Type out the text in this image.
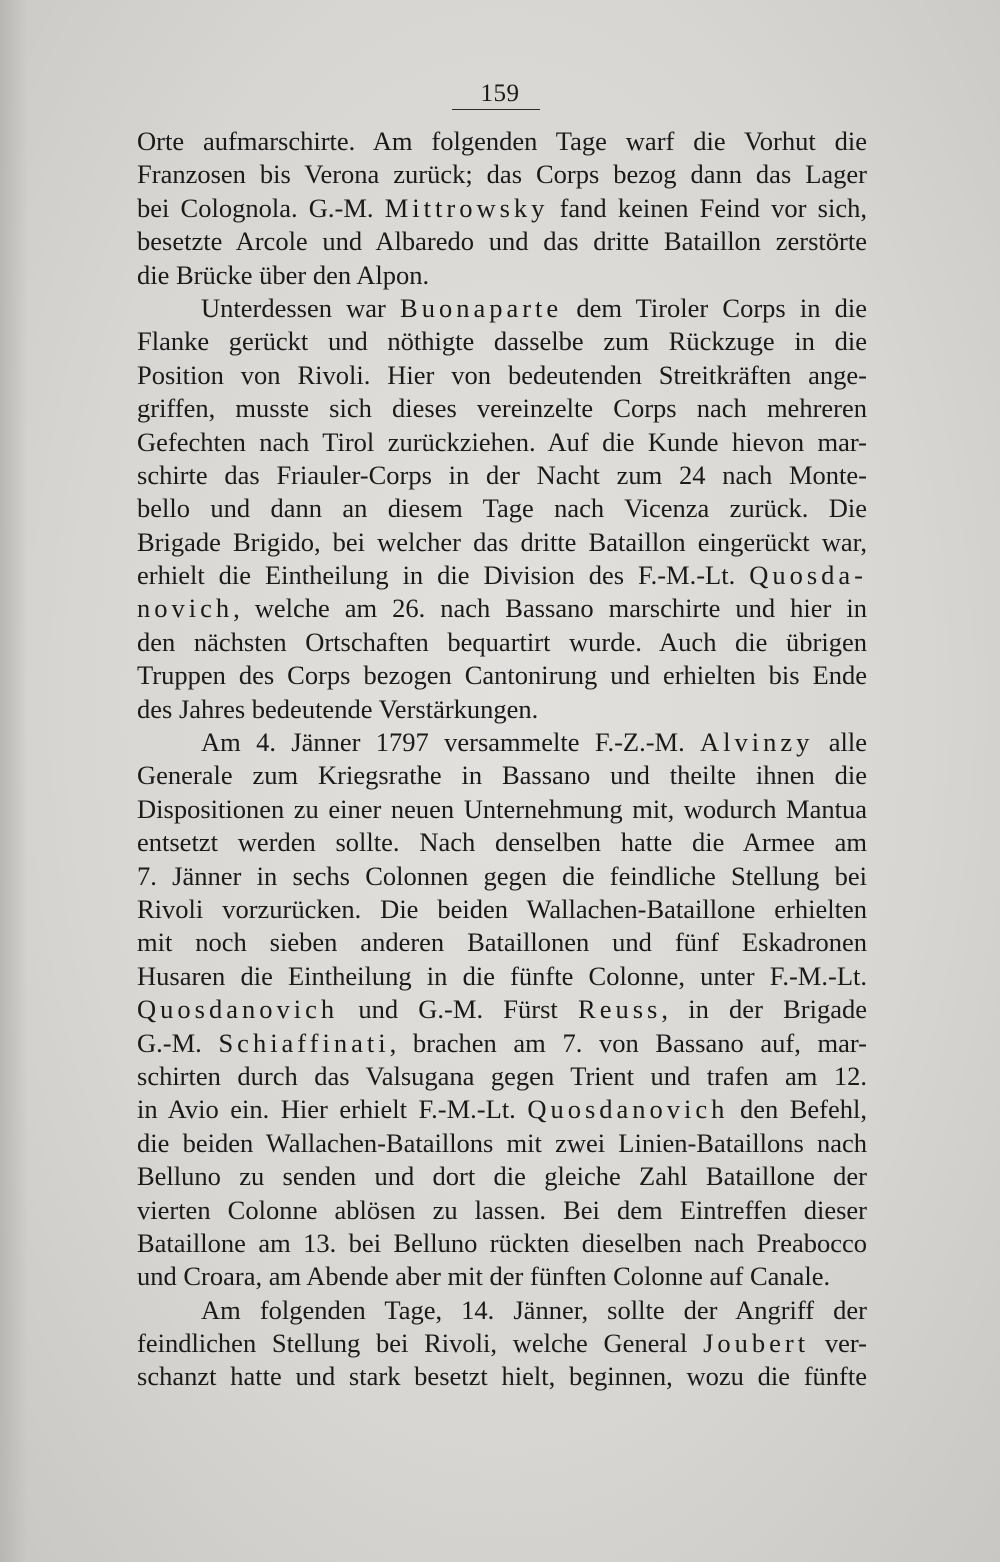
159
Orte aufmarschirte. Am folgenden Tage warf die Vorhut die
Franzosen bis Verona zurück; das Corps bezog dann das Lager
bei Colognola. G.-M. Mittrowsky fand keinen Feind vor sich,
besetzte Arcole und Albaredo und das dritte Bataillon zerstörte
die Brücke über den Alpon.
Unterdessen war Buonaparte dem Tiroler Corps in die
Flanke gerückt und nöthigte dasselbe zum Rückzuge in die
Position von Rivoli. Hier von bedeutenden Streitkräften ange-
griffen, musste sich dieses vereinzelte Corps nach mehreren
Gefechten nach Tirol zurückziehen. Auf die Kunde hievon mar-
schirte das Friauler-Corps in der Nacht zum 24 nach Monte-
bello und dann an diesem Tage nach Vicenza zurück. Die
Brigade Brigido, bei welcher das dritte Bataillon eingerückt war,
erhielt die Eintheilung in die Division des F.-M.-Lt. Quosda-
novich, welche am 26. nach Bassano marschirte und hier in
den nächsten Ortschaften bequartirt wurde. Auch die übrigen
Truppen des Corps bezogen Cantonirung und erhielten bis Ende
des Jahres bedeutende Verstärkungen.
Am 4. Jänner 1797 versammelte F.-Z.-M. Alvinzy alle
Generale zum Kriegsrathe in Bassano und theilte ihnen die
Dispositionen zu einer neuen Unternehmung mit, wodurch Mantua
entsetzt werden sollte. Nach denselben hatte die Armee am
7. Jänner in sechs Colonnen gegen die feindliche Stellung bei
Rivoli vorzurücken. Die beiden Wallachen-Bataillone erhielten
mit noch sieben anderen Bataillonen und fünf Eskadronen
Husaren die Eintheilung in die fünfte Colonne, unter F.-M.-Lt.
Quosdanovich und G.-M. Fürst Reuss, in der Brigade
G.-M. Schiaffinati, brachen am 7. von Bassano auf, mar-
schirten durch das Valsugana gegen Trient und trafen am 12.
in Avio ein. Hier erhielt F.-M.-Lt. Quosdanovich den Befehl,
die beiden Wallachen-Bataillons mit zwei Linien-Bataillons nach
Belluno zu senden und dort die gleiche Zahl Bataillone der
vierten Colonne ablösen zu lassen. Bei dem Eintreffen dieser
Bataillone am 13. bei Belluno rückten dieselben nach Preabocco
und Croara, am Abende aber mit der fünften Colonne auf Canale.
Am folgenden Tage, 14. Jänner, sollte der Angriff der
feindlichen Stellung bei Rivoli, welche General Joubert ver-
schanzt hatte und stark besetzt hielt, beginnen, wozu die fünfte
